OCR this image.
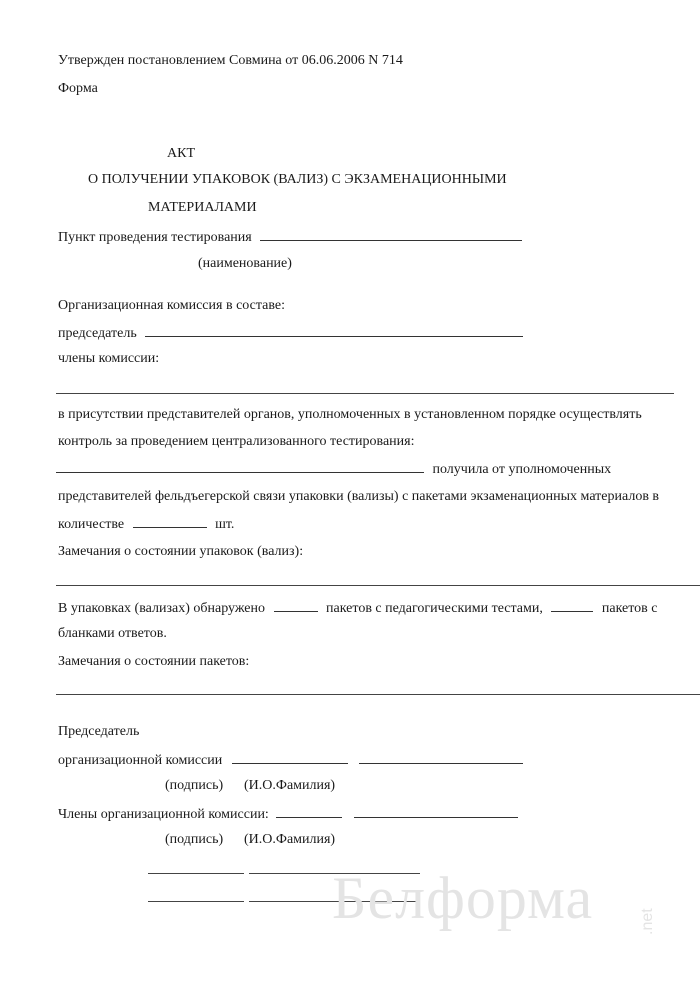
Утвержден постановлением Совмина от 06.06.2006 N 714
Форма
АКТ
О ПОЛУЧЕНИИ УПАКОВОК (ВАЛИЗ) С ЭКЗАМЕНАЦИОННЫМИ
МАТЕРИАЛАМИ
Пункт проведения тестирования
(наименование)
Организационная комиссия в составе:
председатель
члены комиссии:
в присутствии представителей органов, уполномоченных в установленном порядке осуществлять
контроль за проведением централизованного тестирования:
получила от уполномоченных
представителей фельдъегерской связи упаковки (вализы) с пакетами экзаменационных материалов в
количестве	шт.
Замечания о состоянии упаковок (вализ):
В упаковках (вализах) обнаружено	пакетов с педагогическими тестами,	пакетов с
бланками ответов.
Замечания о состоянии пакетов:
Председатель
организационной комиссии
(подпись) (И.О.Фамилия)
Члены организационной комиссии:
(подпись) (И.О.Фамилия)
Белформа	.net
